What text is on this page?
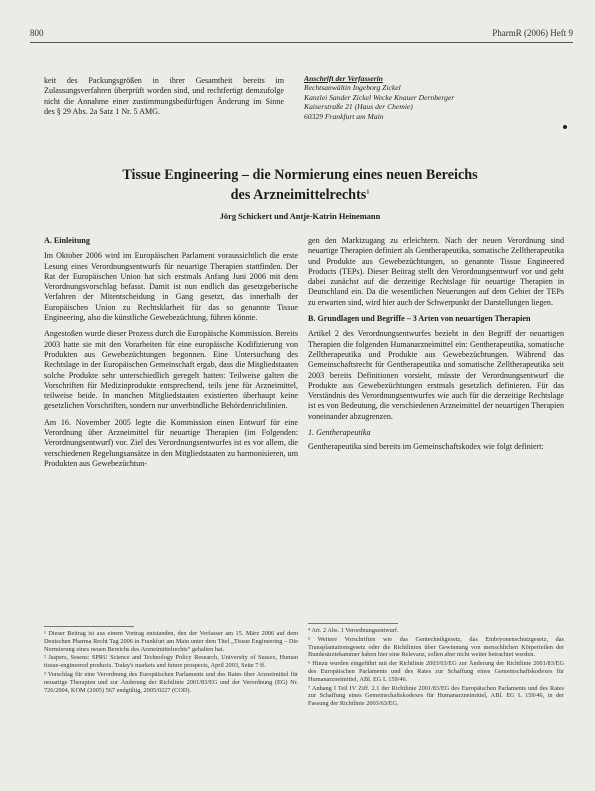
800	PharmR (2006) Heft 9

keit des Packungsgrößen in ihrer Gesamtheit bereits im Zulassungsverfahren überprüft worden sind, und rechtfertigt demzufolge nicht die Annahme einer zustimmungsbedürftigen Änderung im Sinne des § 29 Abs. 2a Satz 1 Nr. 5 AMG.

Anschrift der Verfasserin
Rechtsanwältin Ingeborg Zickel
Kanzlei Sander Zickel Wecke Knauer Dernberger
Kaiserstraße 21 (Haus der Chemie)
60329 Frankfurt am Main
Tissue Engineering – die Normierung eines neuen Bereichs
des Arzneimittelrechts$^1$
Jörg Schickert und Antje-Katrin Heinemann
A. Einleitung

Im Oktober 2006 wird im Europäischen Parlament voraussichtlich die erste Lesung eines Verordnungsentwurfs für neuartige Therapien stattfinden. Der Rat der Europäischen Union hat sich erstmals Anfang Juni 2006 mit dem Verordnungsvorschlag befasst. Damit ist nun endlich das gesetzgeberische Verfahren der Mitentscheidung in Gang gesetzt, das innerhalb der Europäischen Union zu Rechtsklarheit für das so genannte Tissue Engineering, also die künstliche Gewebezüchtung, führen könnte.

Angestoßen wurde dieser Prozess durch die Europäische Kommission. Bereits 2003 hatte sie mit den Vorarbeiten für eine europäische Kodifizierung von Produkten aus Gewebezüchtungen begonnen. Eine Untersuchung des Rechtslage in der Europäischen Gemeinschaft ergab, dass die Mitgliedstaaten solche Produkte sehr unterschiedlich geregelt hatten: Teilweise galten die Vorschriften für Medizinprodukte entsprechend, teils jene für Arzneimittel, teilweise beide. In manchen Mitgliedstaaten existierten überhaupt keine gesetzlichen Vorschriften, sondern nur unverbindliche Behördenrichtlinien.

Am 16. November 2005 legte die Kommission einen Entwurf für eine Verordnung über Arzneimittel für neuartige Therapien (im Folgenden: Verordnungsentwurf) vor. Ziel des Verordnungsentwurfes ist es vor allem, die verschiedenen Regelungsansätze in den Mitgliedstaaten zu harmonisieren, um Produkten aus Gewebezüchtun-

gen den Marktzugang zu erleichtern. Nach der neuen Verordnung sind neuartige Therapien definiert als Gentherapeutika, somatische Zelltherapeutika und Produkte aus Gewebezüchtungen, so genannte Tissue Engineered Products (TEPs). Dieser Beitrag stellt den Verordnungsentwurf vor und geht dabei zunächst auf die derzeitige Rechtslage für neuartige Therapien in Deutschland ein. Da die wesentlichen Neuerungen auf dem Gebiet der TEPs zu erwarten sind, wird hier auch der Schwerpunkt der Darstellungen liegen.

B. Grundlagen und Begriffe – 3 Arten von neuartigen Therapien

Artikel 2 des Verordnungsentwurfes bezieht in den Begriff der neuartigen Therapien die folgenden Humanarzneimittel ein: Gentherapeutika, somatische Zelltherapeutika und Produkte aus Gewebezüchtungen. Während das Gemeinschaftsrecht für Gentherapeutika und somatische Zelltherapeutika seit 2003 bereits Definitionen vorsieht, müsste der Verordnungsentwurf die Produkte aus Gewebezüchtungen erstmals gesetzlich definieren. Für das Verständnis des Verordnungsentwurfes wie auch für die derzeitige Rechtslage ist es von Bedeutung, die verschiedenen Arzneimittel der neuartigen Therapien voneinander abzugrenzen.

1. Gentherapeutika

Gentherapeutika sind bereits im Gemeinschaftskodex wie folgt definiert:

¹ Dieser Beitrag ist aus einem Vortrag entstanden, den der Verfasser am 15. März 2006 auf dem Deutschen Pharma Recht Tag 2006 in Frankfurt am Main unter dem Titel „Tissue Engineering – Die Normierung eines neuen Bereichs des Arzneimittelrechts“ gehalten hat.

² Jaspers, Sesens: SPRU Science and Technology Policy Research, University of Sussex, Human tissue-engineered products. Today's markets and future prospects, April 2003, Seite 7 ff.

³ Vorschlag für eine Verordnung des Europäischen Parlaments und des Rates über Arzneimittel für neuartige Therapien und zur Änderung der Richtlinie 2001/83/EG und der Verordnung (EG) Nr. 726/2004, KOM (2005) 567 endgültig, 2005/0227 (COD).

⁴ Art. 2 Abs. 1 Verordnungsentwurf.

⁵ Weitere Vorschriften wie das Gentechnikgesetz, das Embryonenschutzgesetz, das Transplantationsgesetz oder die Richtlinien über Gewinnung von menschlichen Körperteilen der Bundesärztekammer haben hier eine Relevanz, sollen aber nicht weiter betrachtet werden.

⁶ Hinzu wurden eingeführt mit der Richtlinie 2003/63/EG zur Änderung der Richtlinie 2001/83/EG des Europäischen Parlaments und des Rates zur Schaffung eines Gemeinschaftskodexes für Humanarzneimittel, ABl. EG L 159/46.

⁷ Anhang I Teil IV Ziff. 2.1 der Richtlinie 2001/83/EG des Europäischen Parlaments und des Rates zur Schaffung eines Gemeinschaftskodexes für Humanarzneimittel, ABl. EG L 159/46, in der Fassung der Richtlinie 2003/63/EG.
